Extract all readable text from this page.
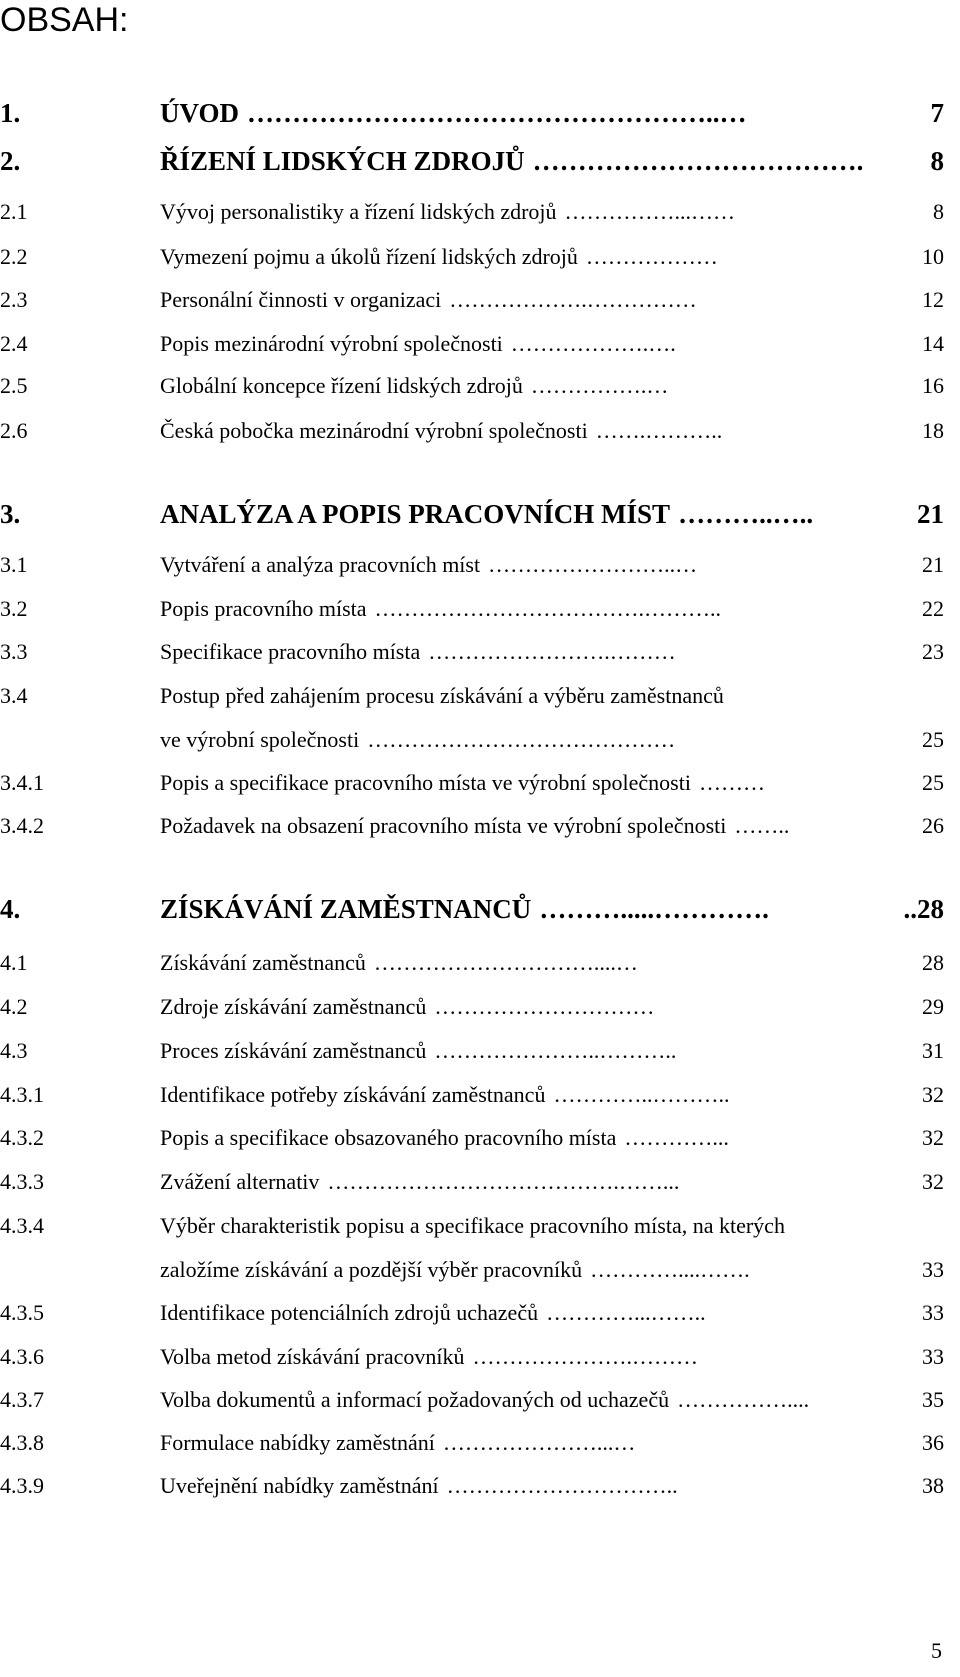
OBSAH:
1.	ÚVOD ……………………………………………..…	7
2.	ŘÍZENÍ LIDSKÝCH ZDROJŮ ……………………………….	8
2.1	Vývoj personalistiky a řízení lidských zdrojů ……………...……	8
2.2	Vymezení pojmu a úkolů řízení lidských zdrojů ………………	10
2.3	Personální činnosti v organizaci ……………….……………	12
2.4	Popis mezinárodní výrobní společnosti ……………….….	14
2.5	Globální koncepce řízení lidských zdrojů …………….…	16
2.6	Česká pobočka mezinárodní výrobní společnosti …….………..	18
3.	ANALÝZA A POPIS PRACOVNÍCH MÍST ………..…..	21
3.1	Vytváření a analýza pracovních míst ……………………..…	21
3.2	Popis pracovního místa ……………………………….………..	22
3.3	Specifikace pracovního místa …………………….………	23
3.4	Postup před zahájením procesu získávání a výběru zaměstnanců
ve výrobní společnosti ……………………………………	25
3.4.1	Popis a specifikace pracovního místa ve výrobní společnosti ………	25
3.4.2	Požadavek na obsazení pracovního místa ve výrobní společnosti ……..	26
4.	ZÍSKÁVÁNÍ ZAMĚSTNANCŮ ……….....………….	..28
4.1	Získávání zaměstnanců …………………………....…	28
4.2	Zdroje získávání zaměstnanců …………………………	29
4.3	Proces získávání zaměstnanců …………………..………..	31
4.3.1	Identifikace potřeby získávání zaměstnanců …………..………..	32
4.3.2	Popis a specifikace obsazovaného pracovního místa …………...	32
4.3.3	Zvážení alternativ ………………………………….……...	32
4.3.4	Výběr charakteristik popisu a specifikace pracovního místa, na kterých
založíme získávání a pozdější výběr pracovníků …………....…….	33
4.3.5	Identifikace potenciálních zdrojů uchazečů …………...……..	33
4.3.6	Volba metod získávání pracovníků ………………….………	33
4.3.7	Volba dokumentů a informací požadovaných od uchazečů ……………....	35
4.3.8	Formulace nabídky zaměstnání …………………...…	36
4.3.9	Uveřejnění nabídky zaměstnání …………………………..	38
5
